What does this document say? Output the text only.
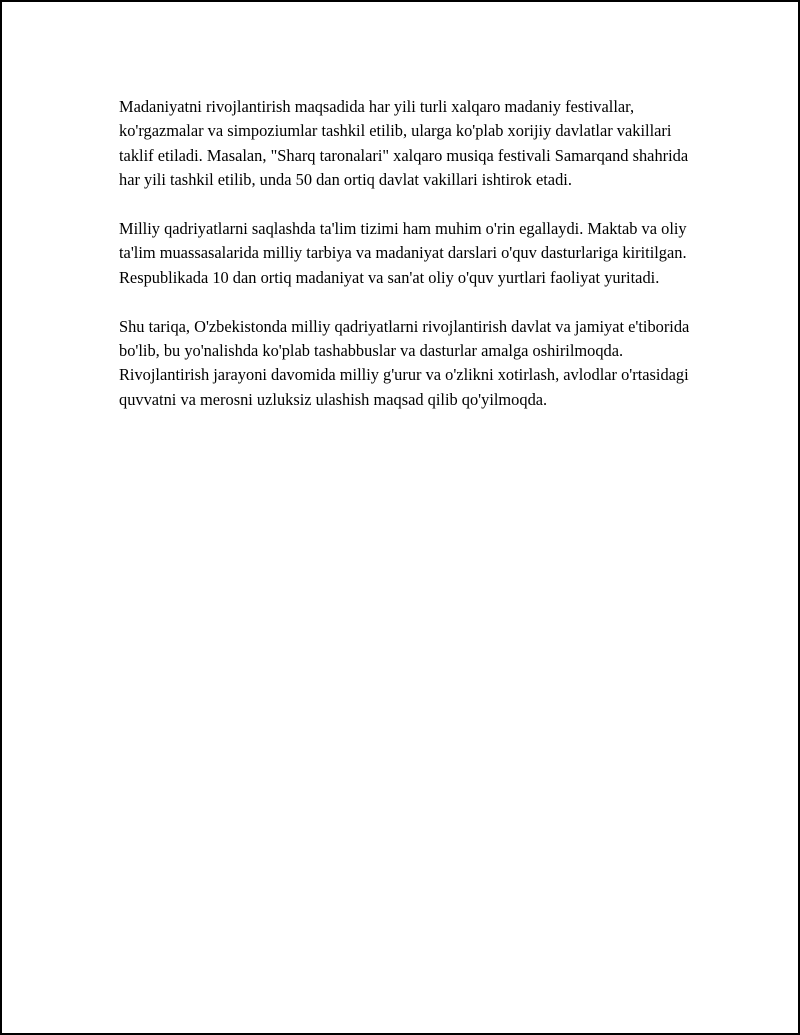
Madaniyatni rivojlantirish maqsadida har yili turli xalqaro madaniy festivallar, ko'rgazmalar va simpoziumlar tashkil etilib, ularga ko'plab xorijiy davlatlar vakillari taklif etiladi. Masalan, "Sharq taronalari" xalqaro musiqa festivali Samarqand shahrida har yili tashkil etilib, unda 50 dan ortiq davlat vakillari ishtirok etadi.

Milliy qadriyatlarni saqlashda ta'lim tizimi ham muhim o'rin egallaydi. Maktab va oliy ta'lim muassasalarida milliy tarbiya va madaniyat darslari o'quv dasturlariga kiritilgan. Respublikada 10 dan ortiq madaniyat va san'at oliy o'quv yurtlari faoliyat yuritadi.

Shu tariqa, O'zbekistonda milliy qadriyatlarni rivojlantirish davlat va jamiyat e'tiborida bo'lib, bu yo'nalishda ko'plab tashabbuslar va dasturlar amalga oshirilmoqda. Rivojlantirish jarayoni davomida milliy g'urur va o'zlikni xotirlash, avlodlar o'rtasidagi quvvatni va merosni uzluksiz ulashish maqsad qilib qo'yilmoqda.
